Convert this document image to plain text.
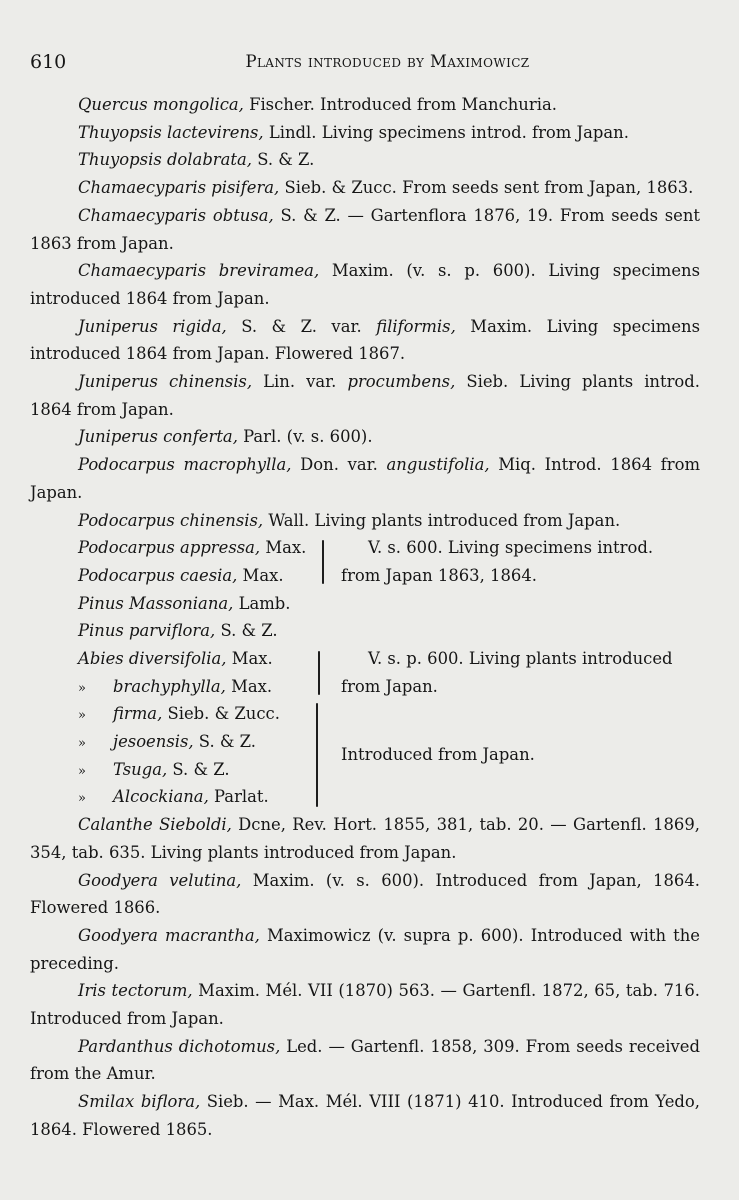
610	Plants introduced by Maximowicz

Quercus mongolica, Fischer. Introduced from Manchuria.

Thuyopsis lactevirens, Lindl. Living specimens introd. from Japan.

Thuyopsis dolabrata, S. & Z.

Chamaecyparis pisifera, Sieb. & Zucc. From seeds sent from Japan, 1863.

Chamaecyparis obtusa, S. & Z. — Gartenflora 1876, 19. From seeds sent 1863 from Japan.

Chamaecyparis breviramea, Maxim. (v. s. p. 600). Living specimens introduced 1864 from Japan.

Juniperus rigida, S. & Z. var. filiformis, Maxim. Living specimens introduced 1864 from Japan. Flowered 1867.

Juniperus chinensis, Lin. var. procumbens, Sieb. Living plants introd. 1864 from Japan.

Juniperus conferta, Parl. (v. s. 600).

Podocarpus macrophylla, Don. var. angustifolia, Miq. Introd. 1864 from Japan.

Podocarpus chinensis, Wall. Living plants introduced from Japan.

Podocarpus appressa, Max.
Podocarpus caesia, Max.
V. s. 600. Living specimens introd.
from Japan 1863, 1864.
Pinus Massoniana, Lamb.
Pinus parviflora, S. & Z.
Abies diversifolia, Max.
» brachyphylla, Max.
» firma, Sieb. & Zucc.
» jesoensis, S. & Z.
» Tsuga, S. & Z.
» Alcockiana, Parlat.
V. s. p. 600. Living plants introduced
from Japan.
Introduced from Japan.

Calanthe Sieboldi, Dcne, Rev. Hort. 1855, 381, tab. 20. — Gartenfl. 1869, 354, tab. 635. Living plants introduced from Japan.

Goodyera velutina, Maxim. (v. s. 600). Introduced from Japan, 1864. Flowered 1866.

Goodyera macrantha, Maximowicz (v. supra p. 600). Introduced with the preceding.

Iris tectorum, Maxim. Mél. VII (1870) 563. — Gartenfl. 1872, 65, tab. 716. Introduced from Japan.

Pardanthus dichotomus, Led. — Gartenfl. 1858, 309. From seeds received from the Amur.

Smilax biflora, Sieb. — Max. Mél. VIII (1871) 410. Introduced from Yedo, 1864. Flowered 1865.
